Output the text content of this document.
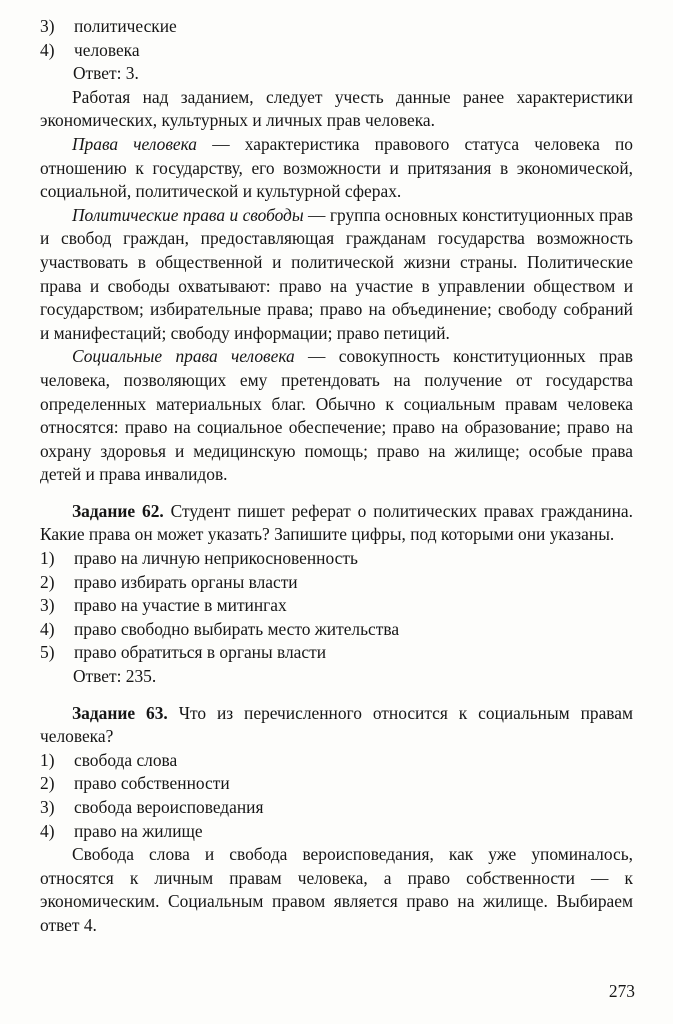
3)	политические
4)	человека
Ответ: 3.

Работая над заданием, следует учесть данные ранее характеристики экономических, культурных и личных прав человека.

Права человека — характеристика правового статуса человека по отношению к государству, его возможности и притязания в экономической, социальной, политической и культурной сферах.

Политические права и свободы — группа основных конституционных прав и свобод граждан, предоставляющая гражданам государства возможность участвовать в общественной и политической жизни страны. Политические права и свободы охватывают: право на участие в управлении обществом и государством; избирательные права; право на объединение; свободу собраний и манифестаций; свободу информации; право петиций.

Социальные права человека — совокупность конституционных прав человека, позволяющих ему претендовать на получение от государства определенных материальных благ. Обычно к социальным правам человека относятся: право на социальное обеспечение; право на образование; право на охрану здоровья и медицинскую помощь; право на жилище; особые права детей и права инвалидов.

Задание 62. Студент пишет реферат о политических правах гражданина. Какие права он может указать? Запишите цифры, под которыми они указаны.

1)	право на личную неприкосновенность
2)	право избирать органы власти
3)	право на участие в митингах
4)	право свободно выбирать место жительства
5)	право обратиться в органы власти
Ответ: 235.

Задание 63. Что из перечисленного относится к социальным правам человека?

1)	свобода слова
2)	право собственности
3)	свобода вероисповедания
4)	право на жилище

Свобода слова и свобода вероисповедания, как уже упоминалось, относятся к личным правам человека, а право собственности — к экономическим. Социальным правом является право на жилище. Выбираем ответ 4.

273
